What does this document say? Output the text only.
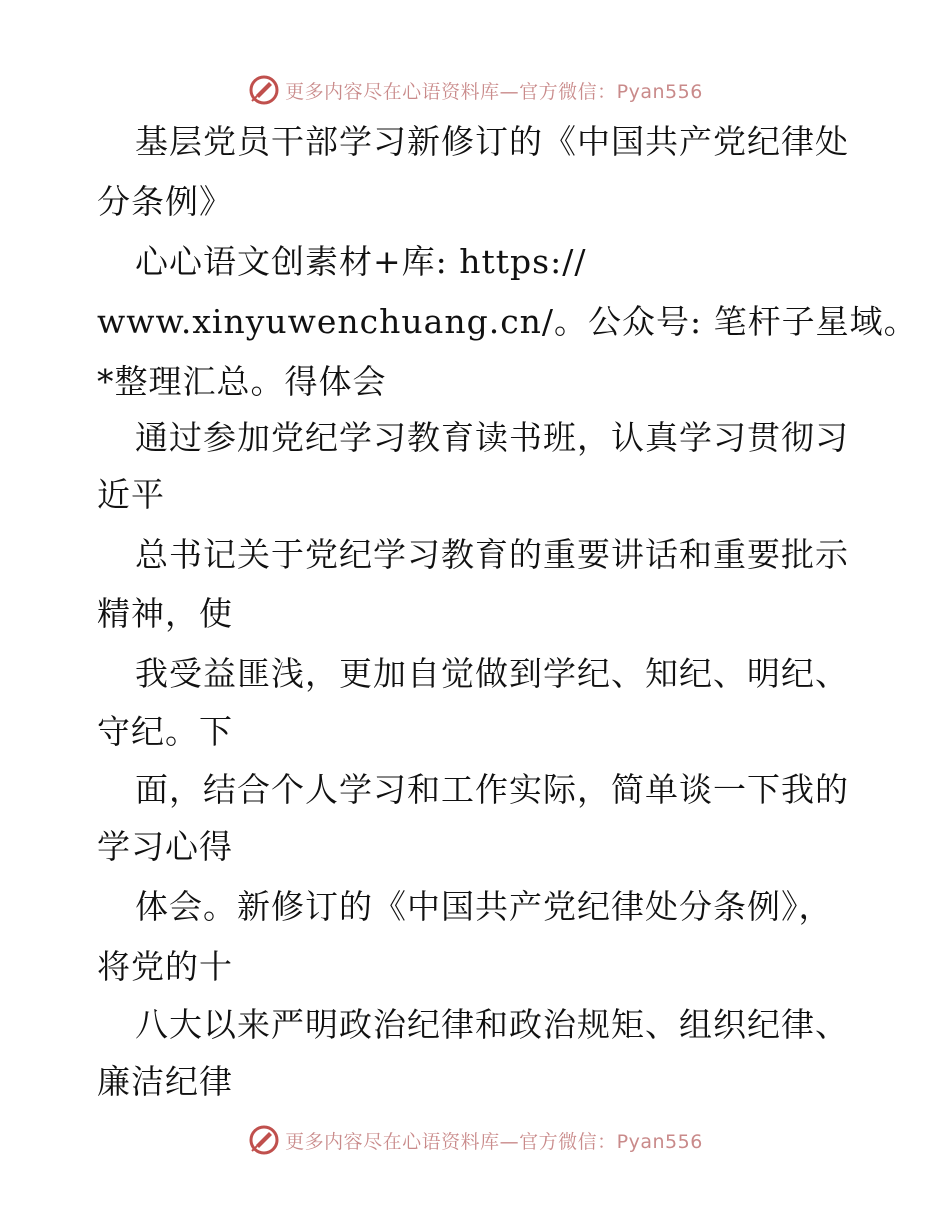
更多内容尽在心语资料库—官方微信：Pyan556
基层党员干部学习新修订的《中国共产党纪律处
分条例》
心心语文创素材+库: https://
www.xinyuwenchuang.cn/。公众号: 笔杆子星域。
*整理汇总。得体会
通过参加党纪学习教育读书班，认真学习贯彻习
近平
总书记关于党纪学习教育的重要讲话和重要批示
精神，使
我受益匪浅，更加自觉做到学纪、知纪、明纪、
守纪。下
面，结合个人学习和工作实际，简单谈一下我的
学习心得
体会。新修订的《中国共产党纪律处分条例》，
将党的十
八大以来严明政治纪律和政治规矩、组织纪律、
廉洁纪律
更多内容尽在心语资料库—官方微信：Pyan556
